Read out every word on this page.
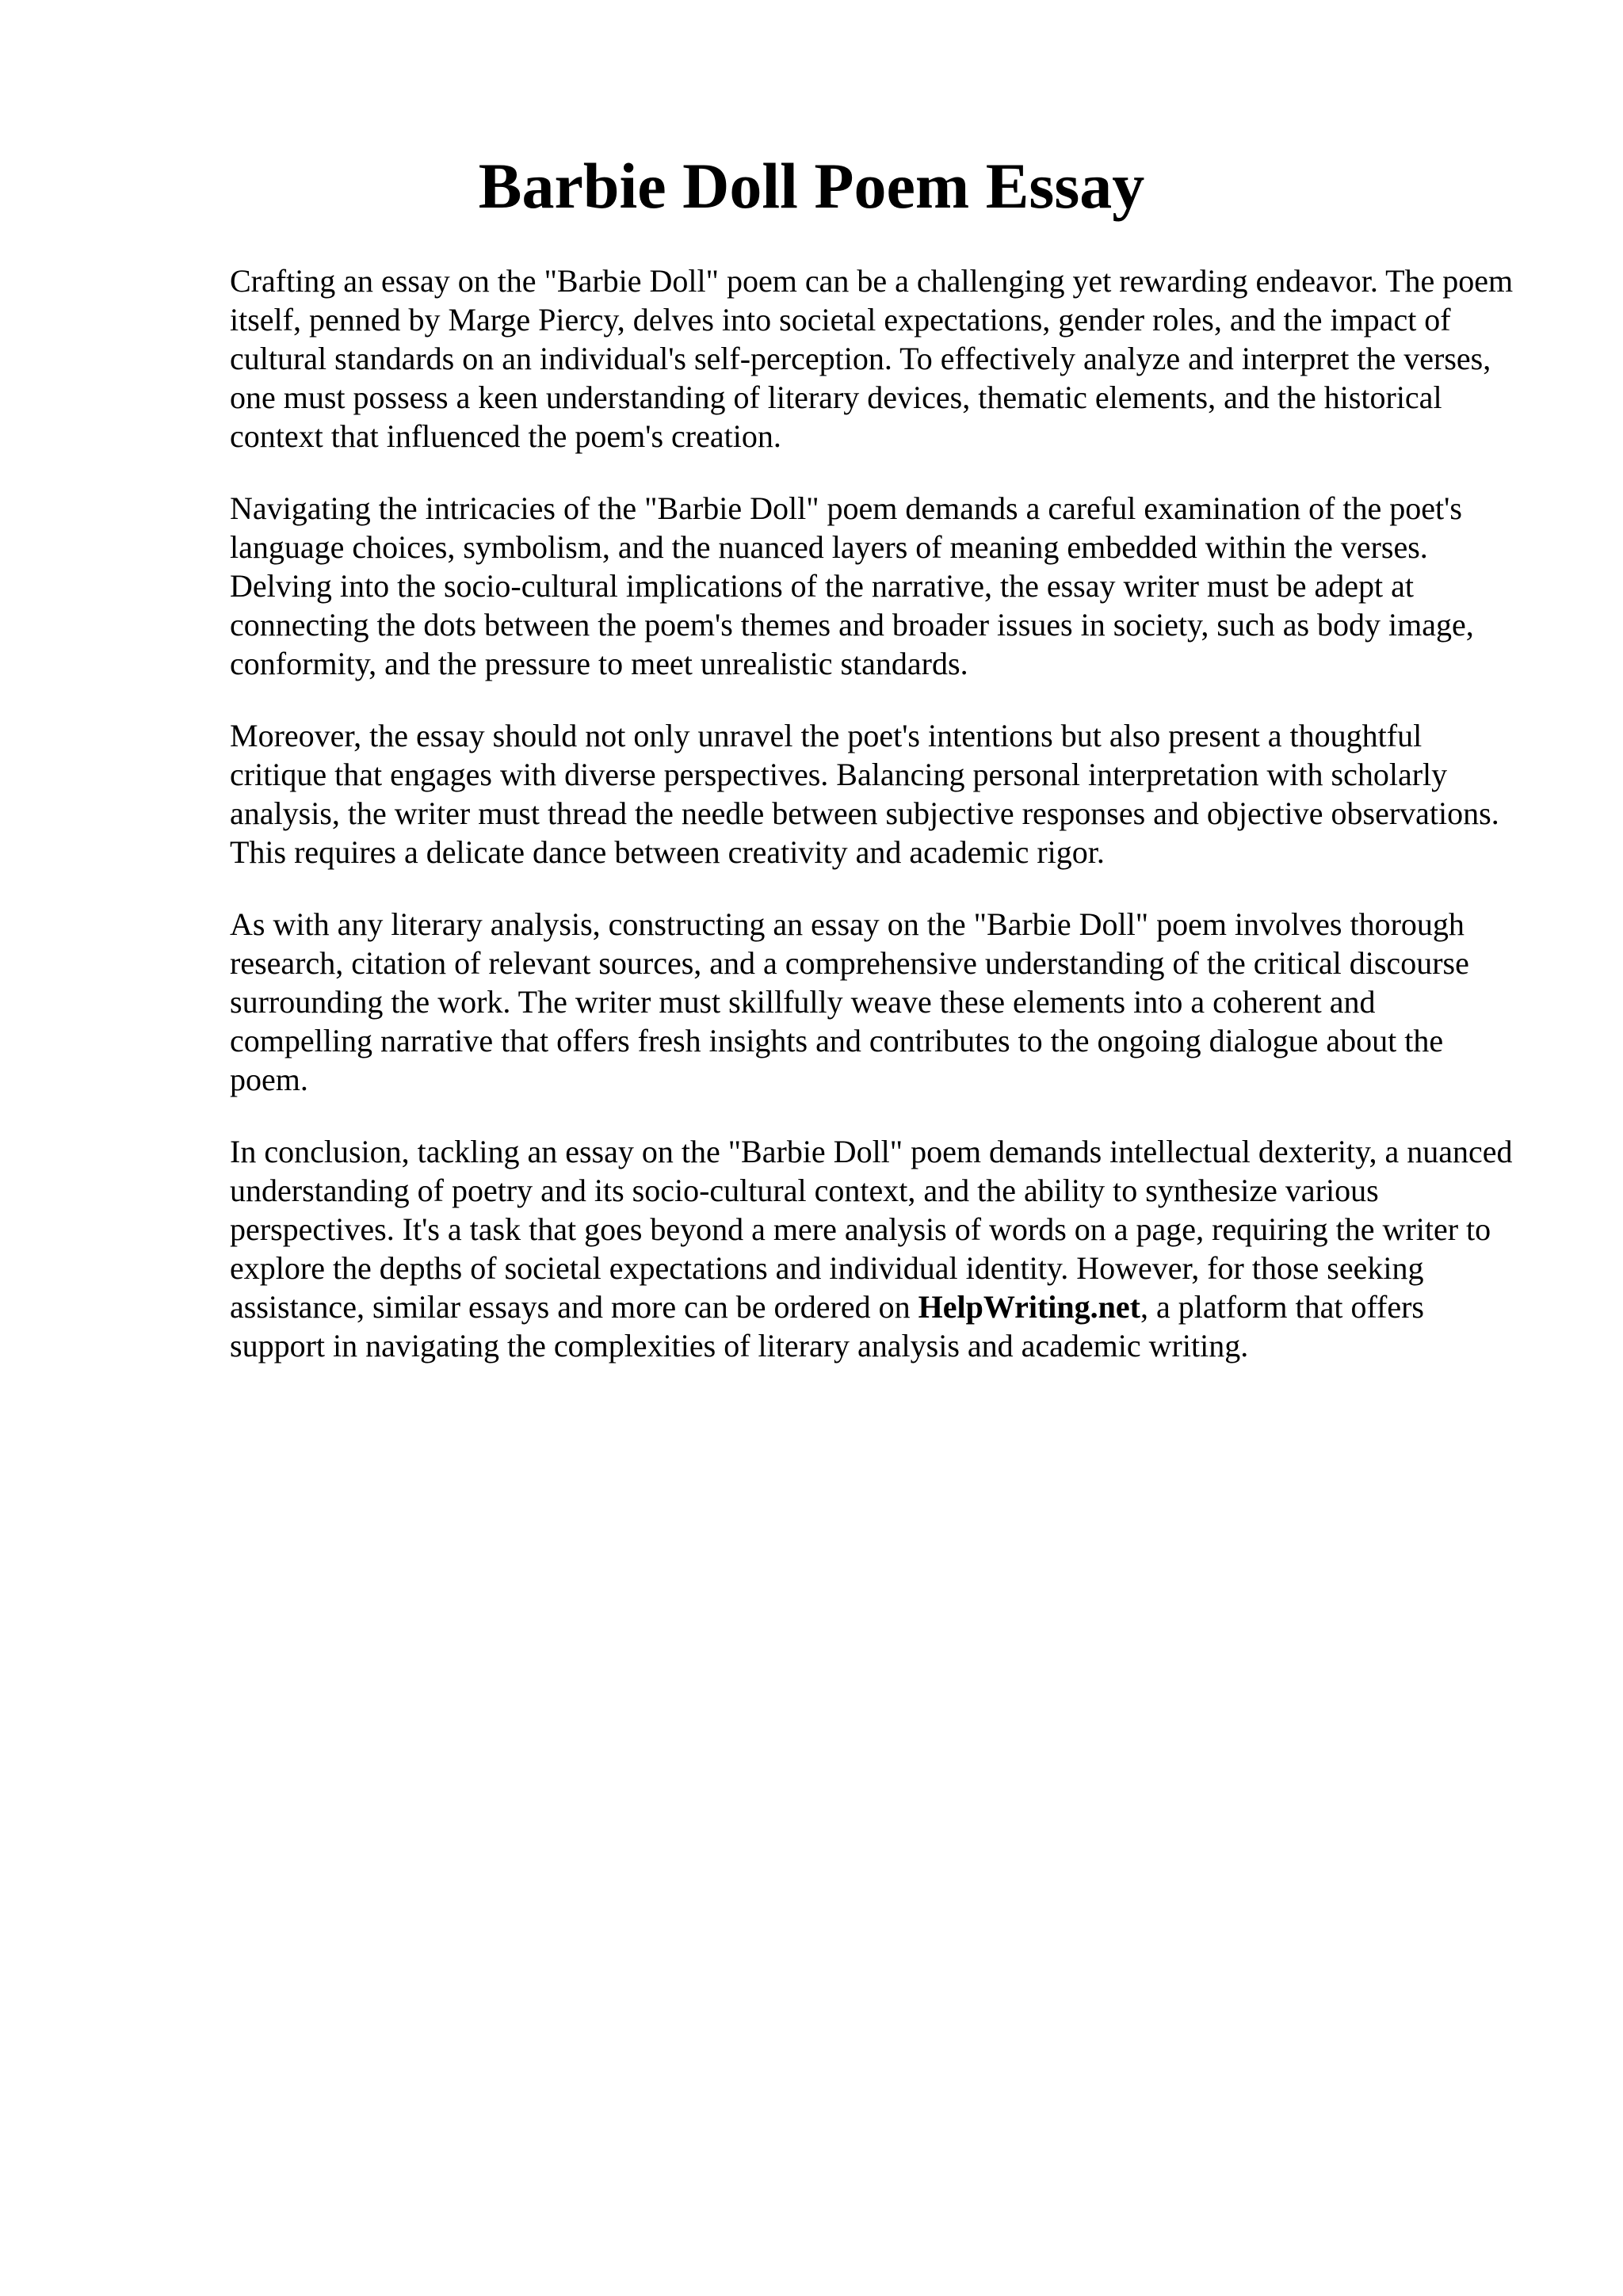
Barbie Doll Poem Essay

Crafting an essay on the "Barbie Doll" poem can be a challenging yet rewarding endeavor. The poem itself, penned by Marge Piercy, delves into societal expectations, gender roles, and the impact of cultural standards on an individual's self-perception. To effectively analyze and interpret the verses, one must possess a keen understanding of literary devices, thematic elements, and the historical context that influenced the poem's creation.

Navigating the intricacies of the "Barbie Doll" poem demands a careful examination of the poet's language choices, symbolism, and the nuanced layers of meaning embedded within the verses. Delving into the socio-cultural implications of the narrative, the essay writer must be adept at connecting the dots between the poem's themes and broader issues in society, such as body image, conformity, and the pressure to meet unrealistic standards.

Moreover, the essay should not only unravel the poet's intentions but also present a thoughtful critique that engages with diverse perspectives. Balancing personal interpretation with scholarly analysis, the writer must thread the needle between subjective responses and objective observations. This requires a delicate dance between creativity and academic rigor.

As with any literary analysis, constructing an essay on the "Barbie Doll" poem involves thorough research, citation of relevant sources, and a comprehensive understanding of the critical discourse surrounding the work. The writer must skillfully weave these elements into a coherent and compelling narrative that offers fresh insights and contributes to the ongoing dialogue about the poem.

In conclusion, tackling an essay on the "Barbie Doll" poem demands intellectual dexterity, a nuanced understanding of poetry and its socio-cultural context, and the ability to synthesize various perspectives. It's a task that goes beyond a mere analysis of words on a page, requiring the writer to explore the depths of societal expectations and individual identity. However, for those seeking assistance, similar essays and more can be ordered on HelpWriting.net, a platform that offers support in navigating the complexities of literary analysis and academic writing.
